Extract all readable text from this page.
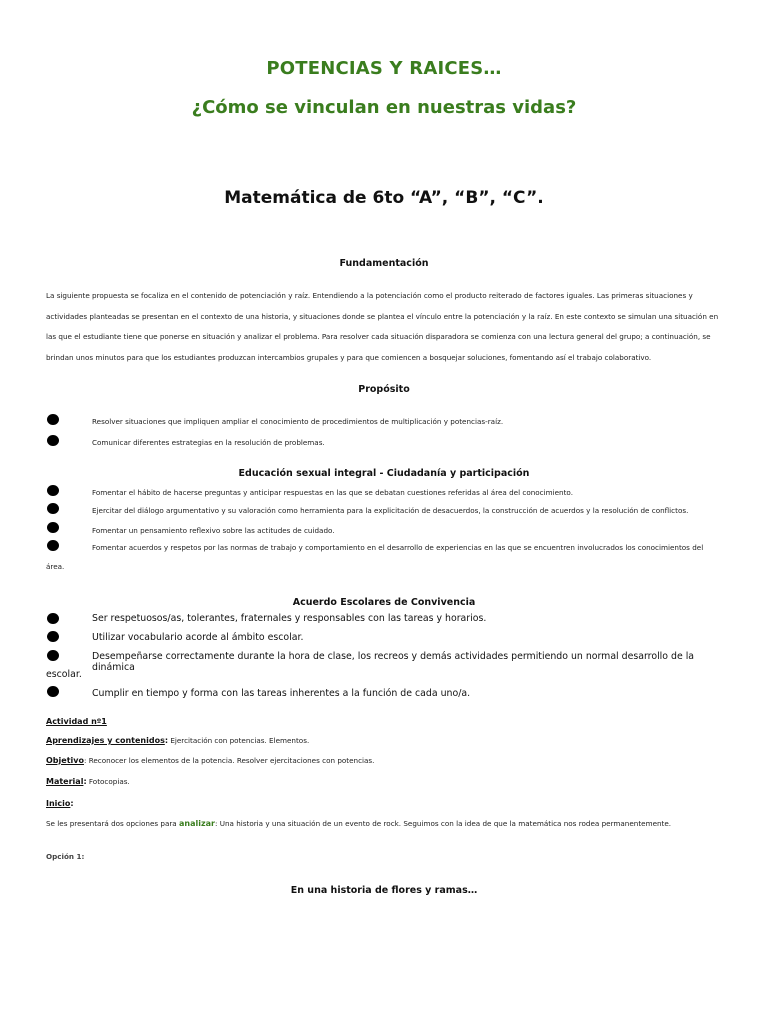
POTENCIAS Y RAICES…
¿Cómo se vinculan en nuestras vidas?
Matemática de 6to “A”, “B”, “C”.
Fundamentación
La siguiente propuesta se focaliza en el contenido de potenciación y raíz. Entendiendo a la potenciación como el producto reiterado de factores iguales. Las primeras situaciones y
actividades planteadas se presentan en el contexto de una historia, y situaciones donde se plantea el vínculo entre la potenciación y la raíz. En este contexto se simulan una situación en
las que el estudiante tiene que ponerse en situación y analizar el problema. Para resolver cada situación disparadora se comienza con una lectura general del grupo; a continuación, se
brindan unos minutos para que los estudiantes produzcan intercambios grupales y para que comiencen a bosquejar soluciones, fomentando así el trabajo colaborativo.
Propósito
Resolver situaciones que impliquen ampliar el conocimiento de procedimientos de multiplicación y potencias-raíz.
Comunicar diferentes estrategias en la resolución de problemas.
Educación sexual integral - Ciudadanía y participación
Fomentar el hábito de hacerse preguntas y anticipar respuestas en las que se debatan cuestiones referidas al área del conocimiento.
Ejercitar del diálogo argumentativo y su valoración como herramienta para la explicitación de desacuerdos, la construcción de acuerdos y la resolución de conflictos.
Fomentar un pensamiento reflexivo sobre las actitudes de cuidado.
Fomentar acuerdos y respetos por las normas de trabajo y comportamiento en el desarrollo de experiencias en las que se encuentren involucrados los conocimientos del
área.
Acuerdo Escolares de Convivencia
Ser respetuosos/as, tolerantes, fraternales y responsables con las tareas y horarios.
Utilizar vocabulario acorde al ámbito escolar.
Desempeñarse correctamente durante la hora de clase, los recreos y demás actividades permitiendo un normal desarrollo de la dinámica
escolar.
Cumplir en tiempo y forma con las tareas inherentes a la función de cada uno/a.
Actividad nº1
Aprendizajes y contenidos: Ejercitación con potencias. Elementos.
Objetivo: Reconocer los elementos de la potencia. Resolver ejercitaciones con potencias.
Material: Fotocopias.
Inicio:
Se les presentará dos opciones para analizar: Una historia y una situación de un evento de rock. Seguimos con la idea de que la matemática nos rodea permanentemente.
Opción 1:
En una historia de flores y ramas…
